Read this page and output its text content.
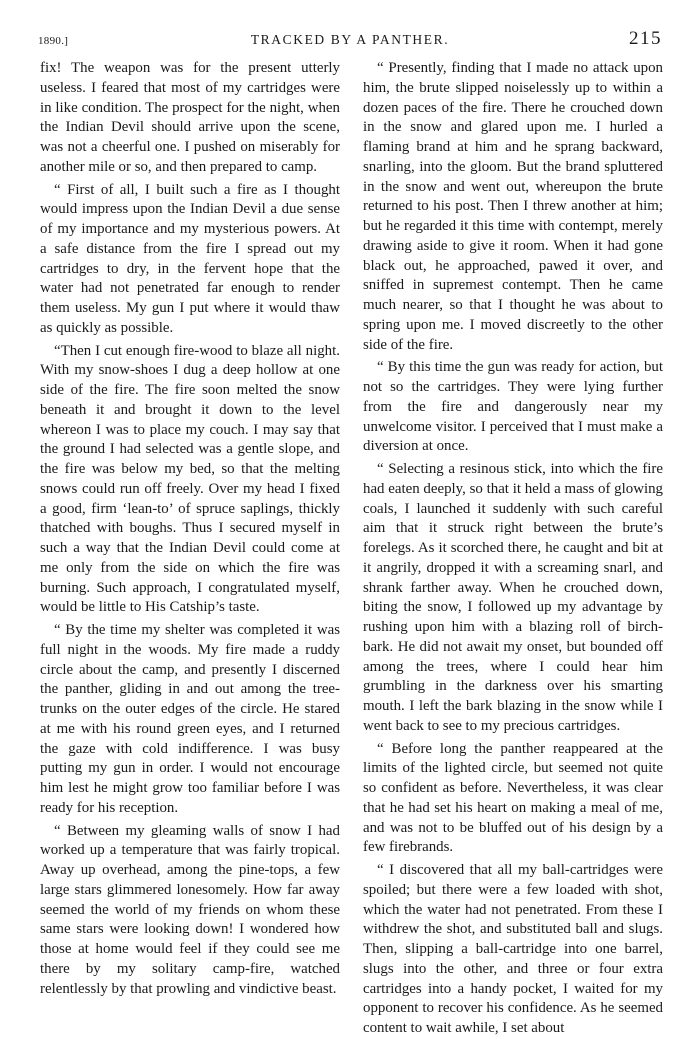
1890.]	TRACKED BY A PANTHER.	215

fix! The weapon was for the present utterly useless. I feared that most of my cartridges were in like condition. The prospect for the night, when the Indian Devil should arrive upon the scene, was not a cheerful one. I pushed on miserably for another mile or so, and then prepared to camp.

“ First of all, I built such a fire as I thought would impress upon the Indian Devil a due sense of my importance and my mysterious powers. At a safe distance from the fire I spread out my cartridges to dry, in the fervent hope that the water had not penetrated far enough to render them useless. My gun I put where it would thaw as quickly as possible.

“Then I cut enough fire-wood to blaze all night. With my snow-shoes I dug a deep hollow at one side of the fire. The fire soon melted the snow beneath it and brought it down to the level whereon I was to place my couch. I may say that the ground I had selected was a gentle slope, and the fire was below my bed, so that the melting snows could run off freely. Over my head I fixed a good, firm ‘lean-to’ of spruce saplings, thickly thatched with boughs. Thus I secured myself in such a way that the Indian Devil could come at me only from the side on which the fire was burning. Such approach, I congratulated myself, would be little to His Catship’s taste.

“ By the time my shelter was completed it was full night in the woods. My fire made a ruddy circle about the camp, and presently I discerned the panther, gliding in and out among the tree-trunks on the outer edges of the circle. He stared at me with his round green eyes, and I returned the gaze with cold indifference. I was busy putting my gun in order. I would not encourage him lest he might grow too familiar before I was ready for his reception.

“ Between my gleaming walls of snow I had worked up a temperature that was fairly tropical. Away up overhead, among the pine-tops, a few large stars glimmered lonesomely. How far away seemed the world of my friends on whom these same stars were looking down! I wondered how those at home would feel if they could see me there by my solitary camp-fire, watched relentlessly by that prowling and vindictive beast.

“ Presently, finding that I made no attack upon him, the brute slipped noiselessly up to within a dozen paces of the fire. There he crouched down in the snow and glared upon me. I hurled a flaming brand at him and he sprang backward, snarling, into the gloom. But the brand spluttered in the snow and went out, whereupon the brute returned to his post. Then I threw another at him; but he regarded it this time with contempt, merely drawing aside to give it room. When it had gone black out, he approached, pawed it over, and sniffed in supremest contempt. Then he came much nearer, so that I thought he was about to spring upon me. I moved discreetly to the other side of the fire.

“ By this time the gun was ready for action, but not so the cartridges. They were lying further from the fire and dangerously near my unwelcome visitor. I perceived that I must make a diversion at once.

“ Selecting a resinous stick, into which the fire had eaten deeply, so that it held a mass of glowing coals, I launched it suddenly with such careful aim that it struck right between the brute’s forelegs. As it scorched there, he caught and bit at it angrily, dropped it with a screaming snarl, and shrank farther away. When he crouched down, biting the snow, I followed up my advantage by rushing upon him with a blazing roll of birch-bark. He did not await my onset, but bounded off among the trees, where I could hear him grumbling in the darkness over his smarting mouth. I left the bark blazing in the snow while I went back to see to my precious cartridges.

“ Before long the panther reappeared at the limits of the lighted circle, but seemed not quite so confident as before. Nevertheless, it was clear that he had set his heart on making a meal of me, and was not to be bluffed out of his design by a few firebrands.

“ I discovered that all my ball-cartridges were spoiled; but there were a few loaded with shot, which the water had not penetrated. From these I withdrew the shot, and substituted ball and slugs. Then, slipping a ball-cartridge into one barrel, slugs into the other, and three or four extra cartridges into a handy pocket, I waited for my opponent to recover his confidence. As he seemed content to wait awhile, I set about
